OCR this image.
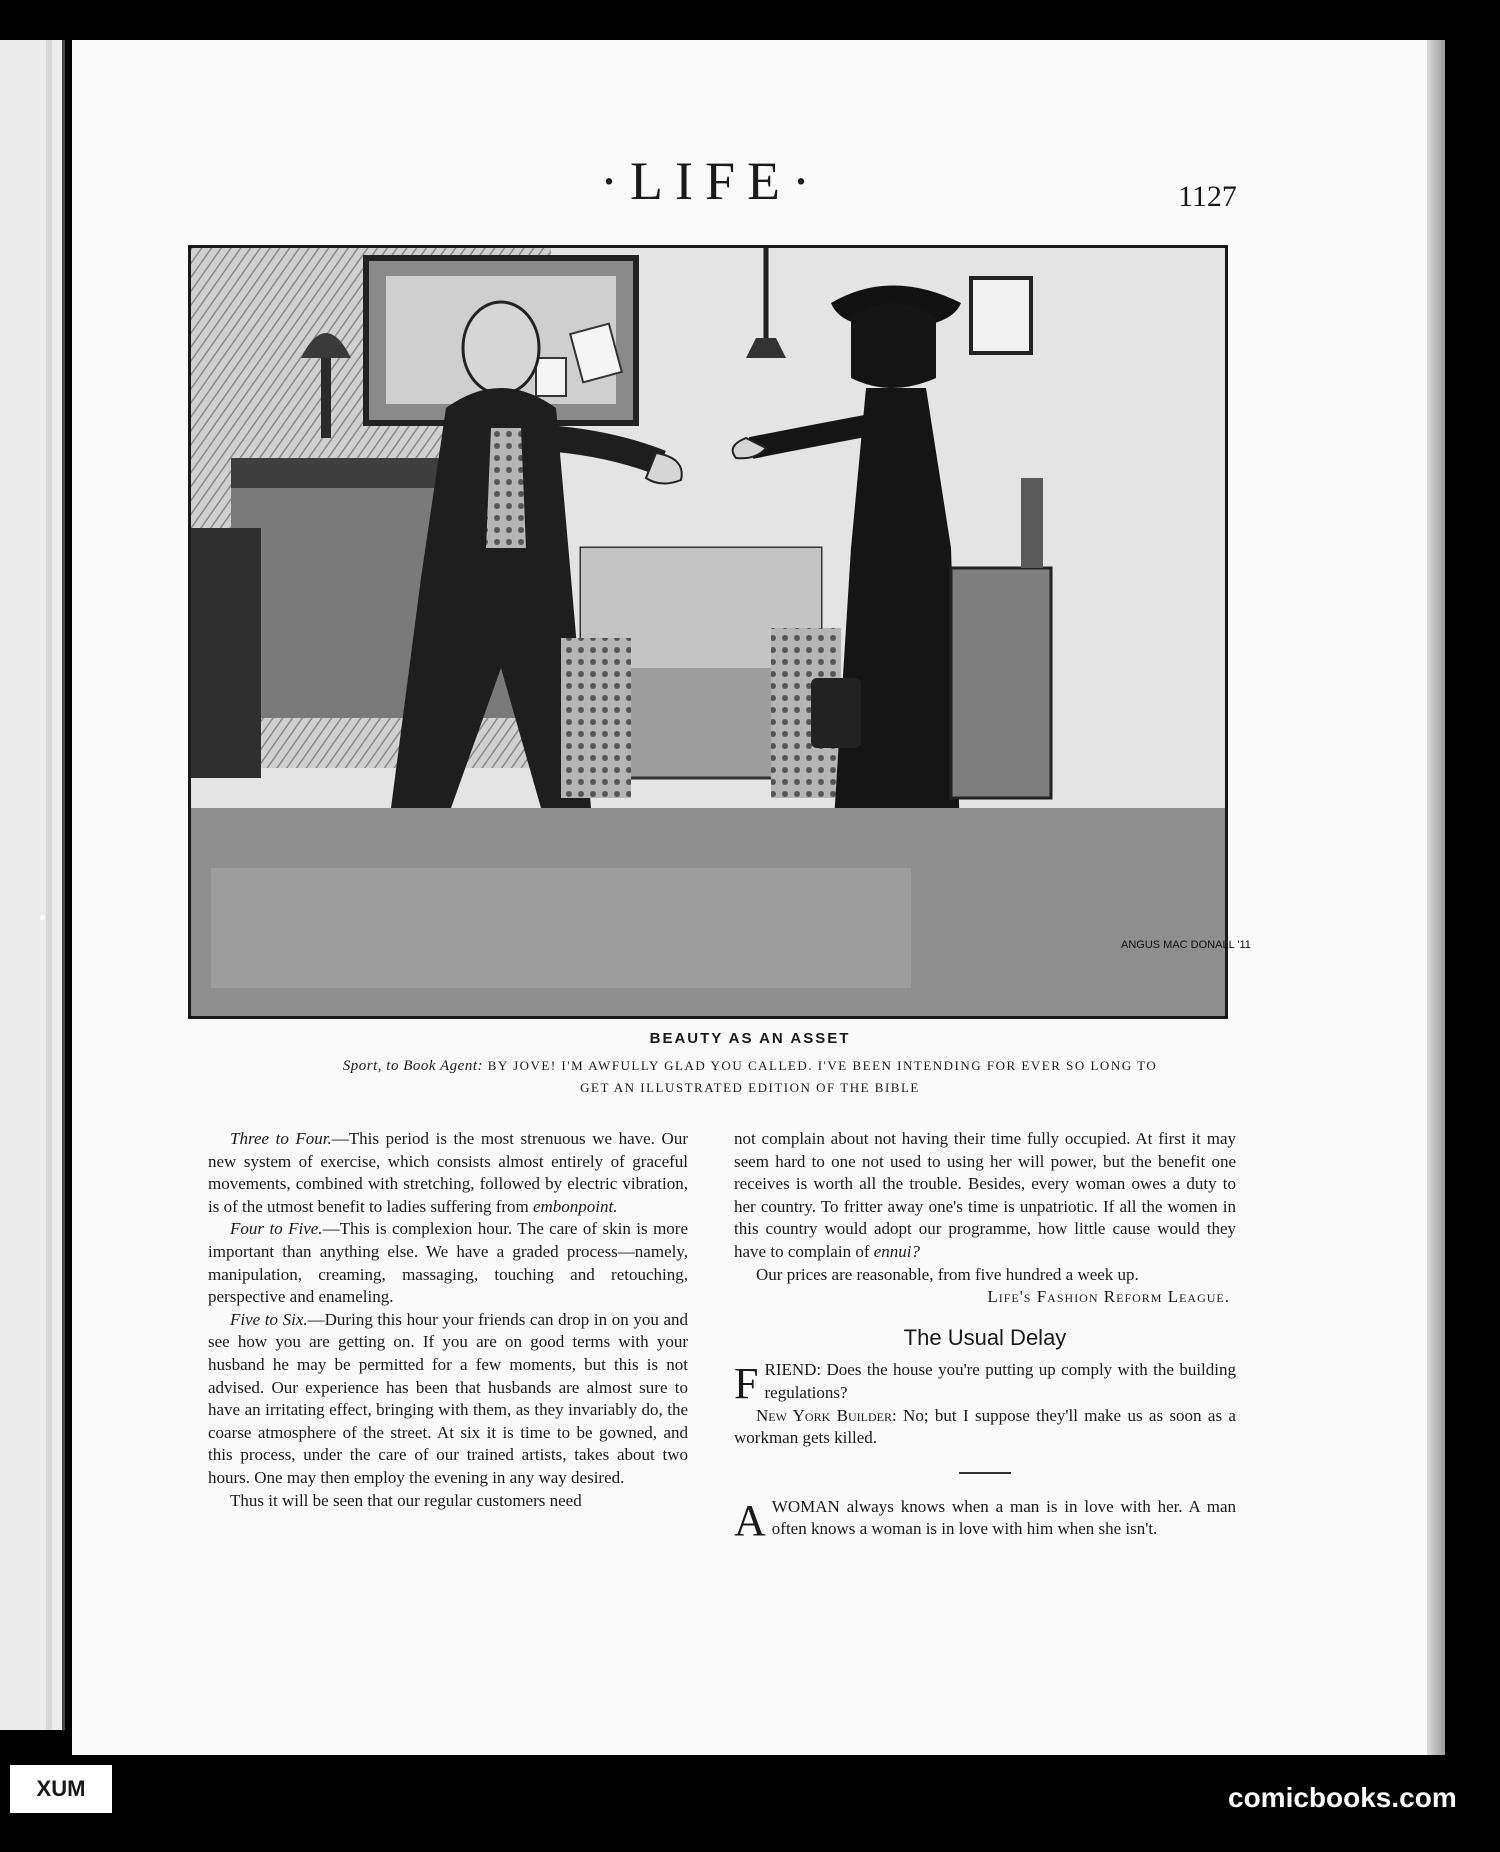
·LIFE·	1127
ANGUS MAC DONALL '11
BEAUTY AS AN ASSET
Sport, to Book Agent: BY JOVE! I'M AWFULLY GLAD YOU CALLED. I'VE BEEN INTENDING FOR EVER SO LONG TO
GET AN ILLUSTRATED EDITION OF THE BIBLE

Three to Four.—This period is the most strenuous we have. Our new system of exercise, which consists almost entirely of graceful movements, combined with stretching, followed by electric vibration, is of the utmost benefit to ladies suffering from embonpoint.

Four to Five.—This is complexion hour. The care of skin is more important than anything else. We have a graded process—namely, manipulation, creaming, massaging, touching and retouching, perspective and enameling.

Five to Six.—During this hour your friends can drop in on you and see how you are getting on. If you are on good terms with your husband he may be permitted for a few moments, but this is not advised. Our experience has been that husbands are almost sure to have an irritating effect, bringing with them, as they invariably do, the coarse atmosphere of the street. At six it is time to be gowned, and this process, under the care of our trained artists, takes about two hours. One may then employ the evening in any way desired.

Thus it will be seen that our regular customers need

not complain about not having their time fully occupied. At first it may seem hard to one not used to using her will power, but the benefit one receives is worth all the trouble. Besides, every woman owes a duty to her country. To fritter away one's time is unpatriotic. If all the women in this country would adopt our programme, how little cause would they have to complain of ennui?

Our prices are reasonable, from five hundred a week up.

Life's Fashion Reform League.
The Usual Delay

FRIEND: Does the house you're putting up comply with the building regulations?

New York Builder: No; but I suppose they'll make us as soon as a workman gets killed.

A WOMAN always knows when a man is in love with her. A man often knows a woman is in love with him when she isn't.

XUM	comicbooks.com
